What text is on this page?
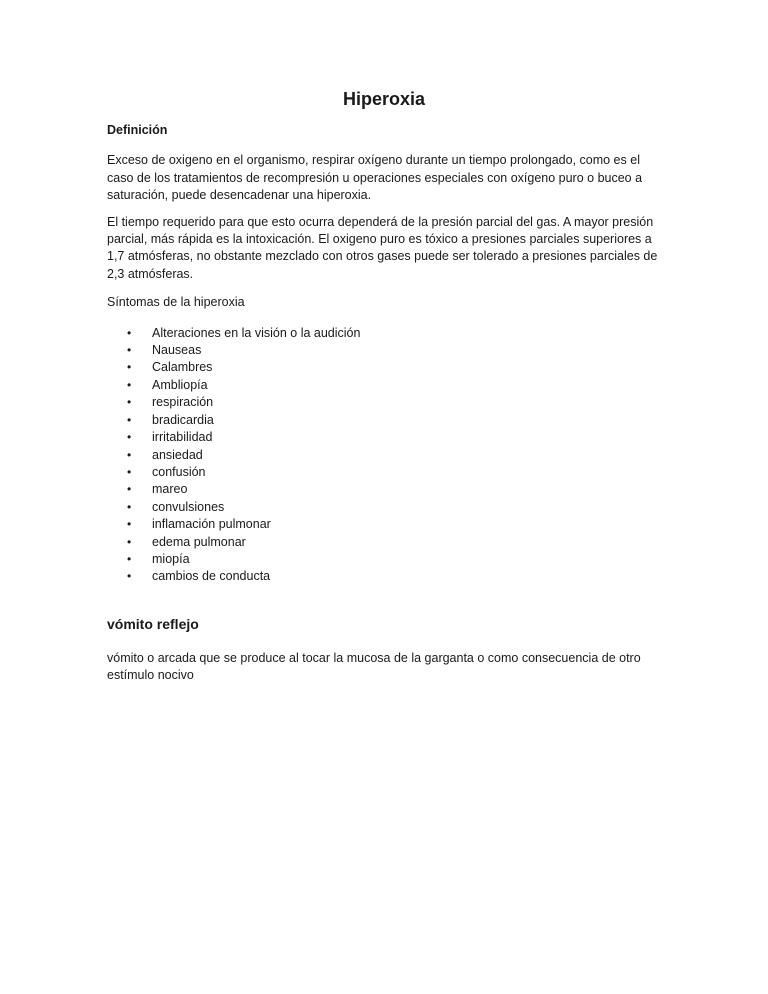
Hiperoxia
Definición

Exceso de oxigeno en el organismo, respirar oxígeno durante un tiempo prolongado, como es el caso de los tratamientos de recompresión u operaciones especiales con oxígeno puro o buceo a saturación, puede desencadenar una hiperoxia.

El tiempo requerido para que esto ocurra dependerá de la presión parcial del gas. A mayor presión parcial, más rápida es la intoxicación. El oxigeno puro es tóxico a presiones parciales superiores a 1,7 atmósferas, no obstante mezclado con otros gases puede ser tolerado a presiones parciales de 2,3 atmósferas.

Síntomas de la hiperoxia
• Alteraciones en la visión o la audición
• Nauseas
• Calambres
• Ambliopía
• respiración
• bradicardia
• irritabilidad
• ansiedad
• confusión
• mareo
• convulsiones
• inflamación pulmonar
• edema pulmonar
• miopía
• cambios de conducta
vómito reflejo

vómito o arcada que se produce al tocar la mucosa de la garganta o como consecuencia de otro estímulo nocivo
